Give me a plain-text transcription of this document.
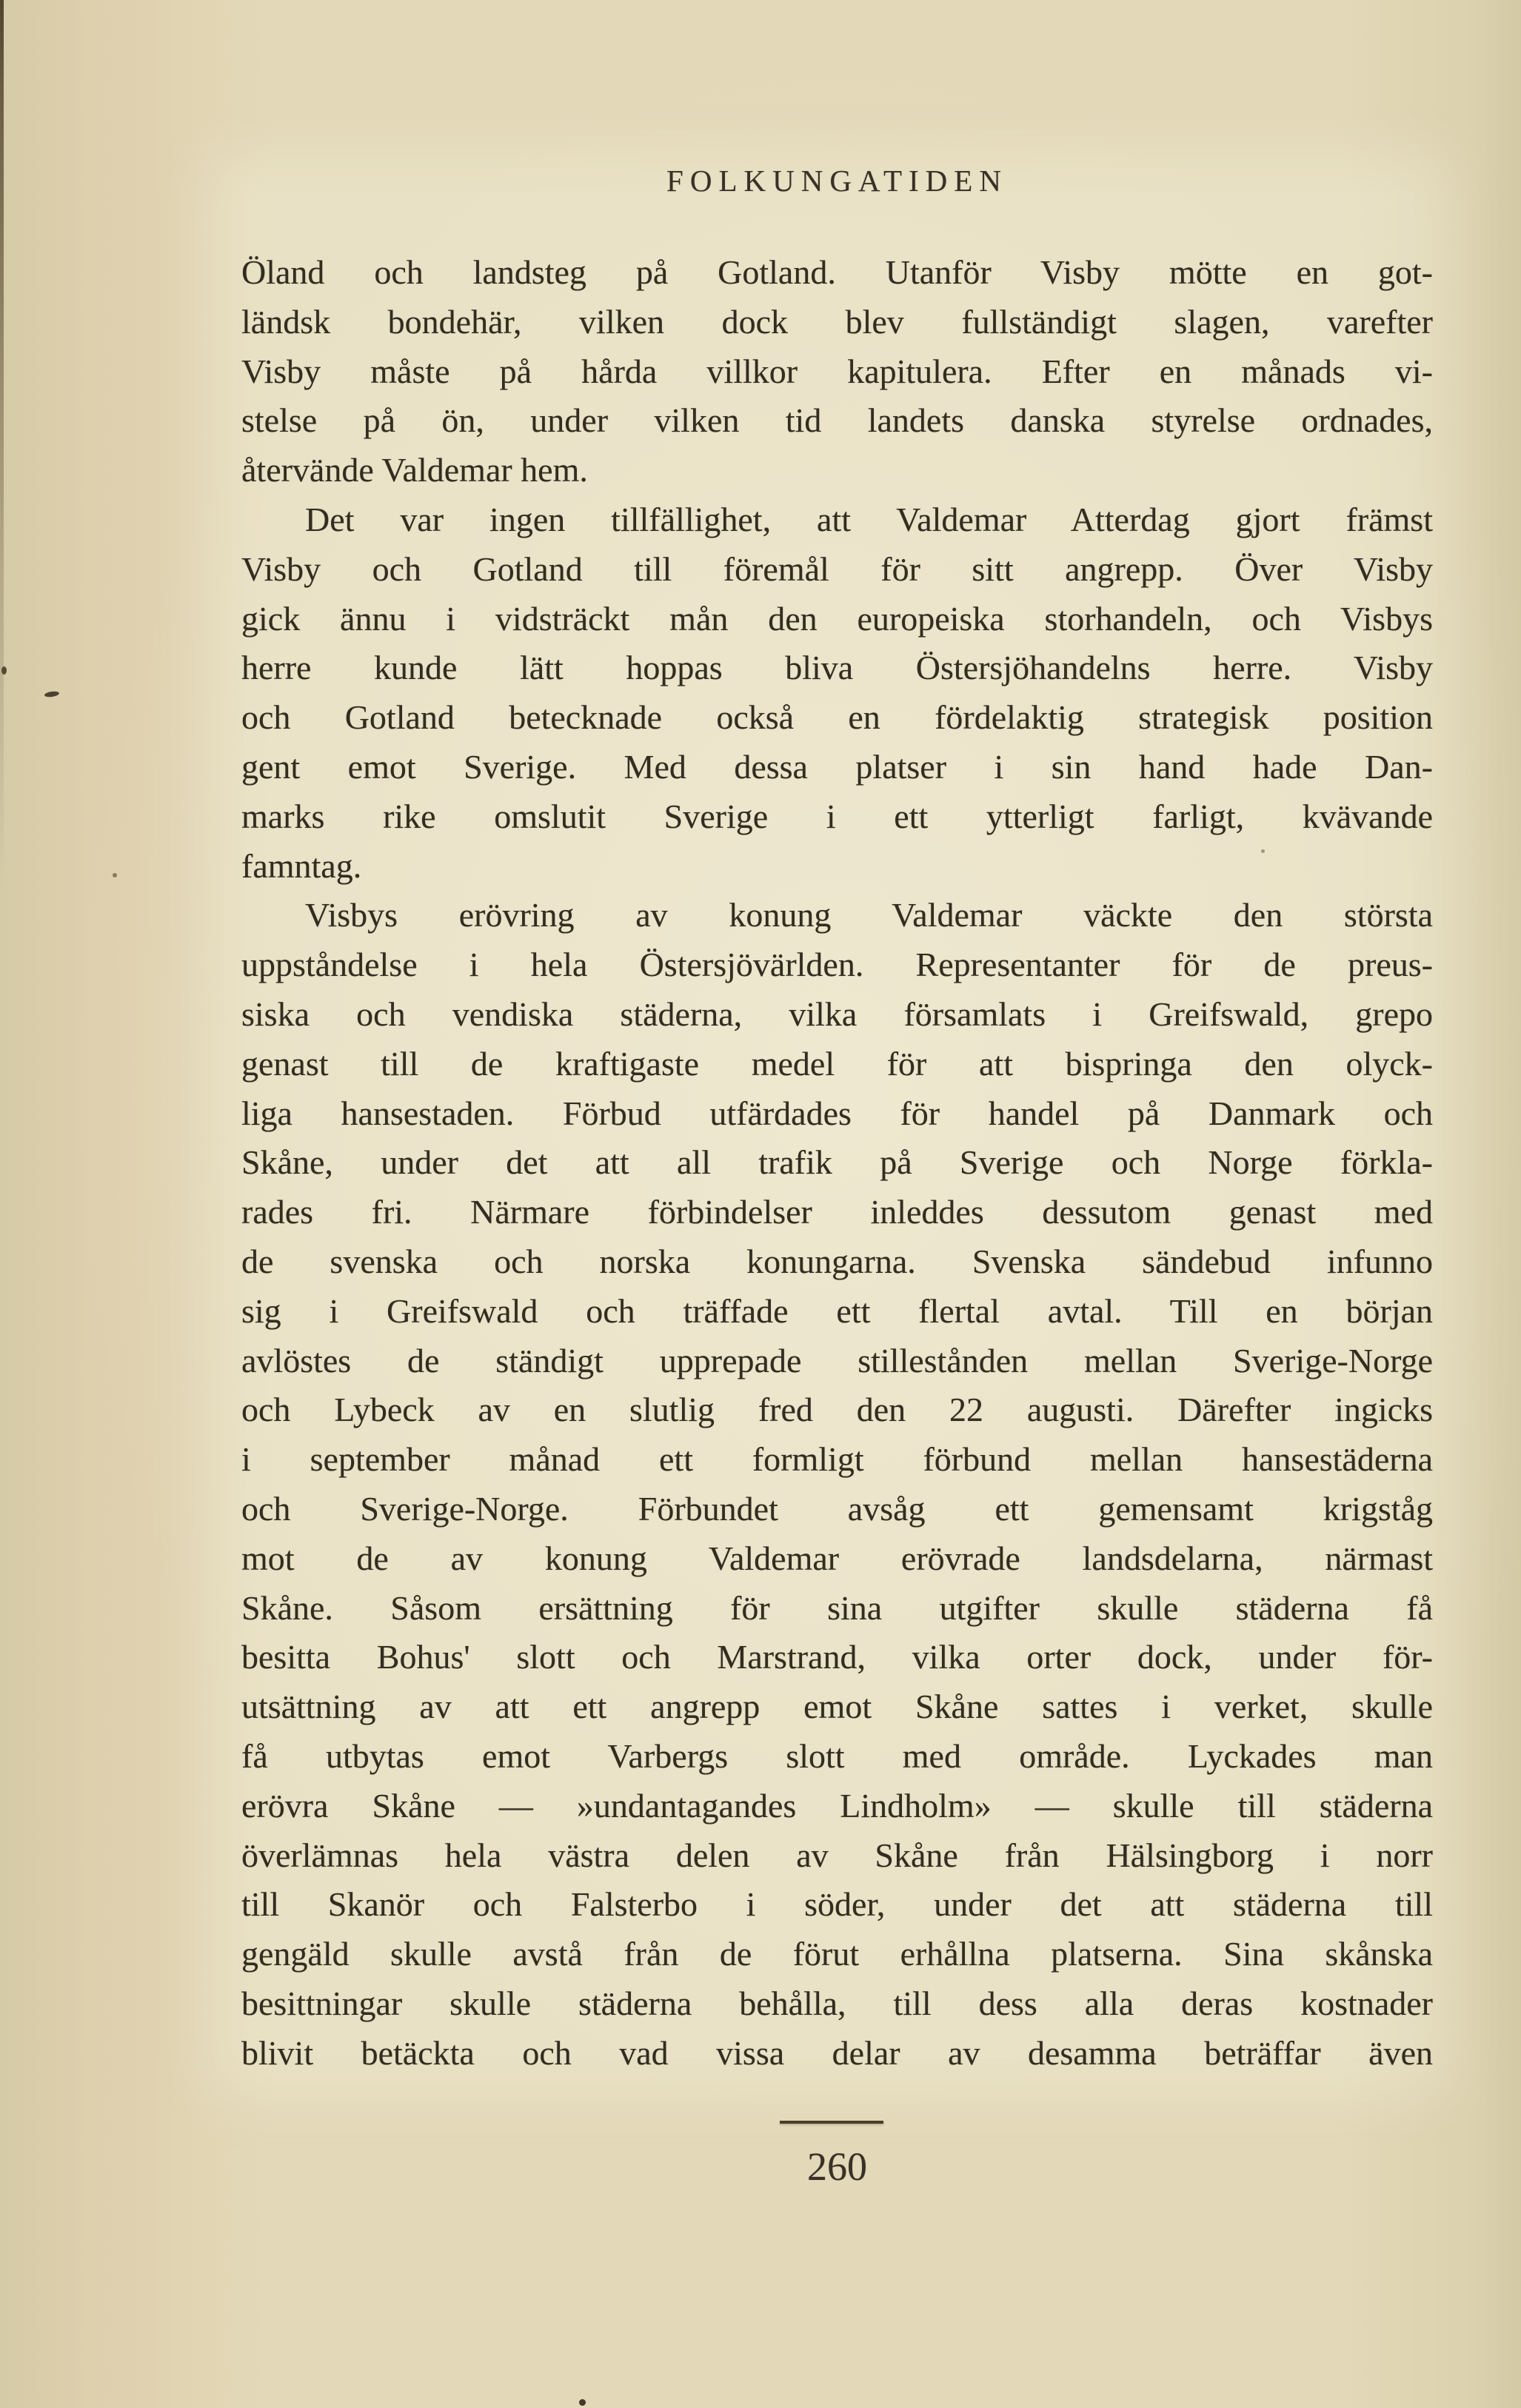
FOLKUNGATIDEN
Öland och landsteg på Gotland. Utanför Visby mötte en got-
ländsk bondehär, vilken dock blev fullständigt slagen, varefter
Visby måste på hårda villkor kapitulera. Efter en månads vi-
stelse på ön, under vilken tid landets danska styrelse ordnades,
återvände Valdemar hem.
Det var ingen tillfällighet, att Valdemar Atterdag gjort främst
Visby och Gotland till föremål för sitt angrepp. Över Visby
gick ännu i vidsträckt mån den europeiska storhandeln, och Visbys
herre kunde lätt hoppas bliva Östersjöhandelns herre. Visby
och Gotland betecknade också en fördelaktig strategisk position
gent emot Sverige. Med dessa platser i sin hand hade Dan-
marks rike omslutit Sverige i ett ytterligt farligt, kvävande
famntag.
Visbys erövring av konung Valdemar väckte den största
uppståndelse i hela Östersjövärlden. Representanter för de preus-
siska och vendiska städerna, vilka församlats i Greifswald, grepo
genast till de kraftigaste medel för att bispringa den olyck-
liga hansestaden. Förbud utfärdades för handel på Danmark och
Skåne, under det att all trafik på Sverige och Norge förkla-
rades fri. Närmare förbindelser inleddes dessutom genast med
de svenska och norska konungarna. Svenska sändebud infunno
sig i Greifswald och träffade ett flertal avtal. Till en början
avlöstes de ständigt upprepade stillestånden mellan Sverige-Norge
och Lybeck av en slutlig fred den 22 augusti. Därefter ingicks
i september månad ett formligt förbund mellan hansestäderna
och Sverige-Norge. Förbundet avsåg ett gemensamt krigståg
mot de av konung Valdemar erövrade landsdelarna, närmast
Skåne. Såsom ersättning för sina utgifter skulle städerna få
besitta Bohus' slott och Marstrand, vilka orter dock, under för-
utsättning av att ett angrepp emot Skåne sattes i verket, skulle
få utbytas emot Varbergs slott med område. Lyckades man
erövra Skåne — »undantagandes Lindholm» — skulle till städerna
överlämnas hela västra delen av Skåne från Hälsingborg i norr
till Skanör och Falsterbo i söder, under det att städerna till
gengäld skulle avstå från de förut erhållna platserna. Sina skånska
besittningar skulle städerna behålla, till dess alla deras kostnader
blivit betäckta och vad vissa delar av desamma beträffar även
260
